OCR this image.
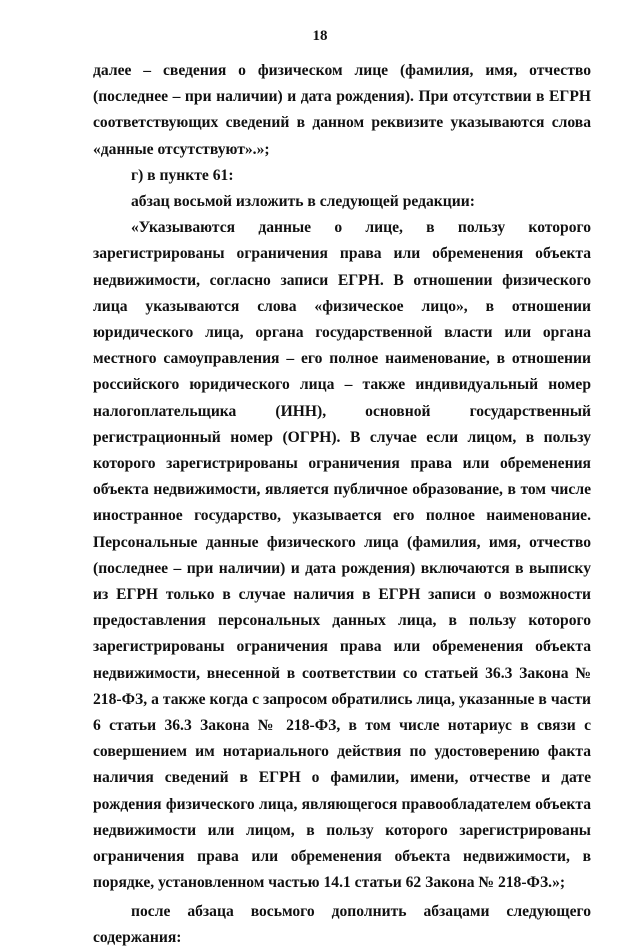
18

далее – сведения о физическом лице (фамилия, имя, отчество (последнее – при наличии) и дата рождения). При отсутствии в ЕГРН соответствующих сведений в данном реквизите указываются слова «данные отсутствуют».»;

г) в пункте 61:

абзац восьмой изложить в следующей редакции:

«Указываются данные о лице, в пользу которого зарегистрированы ограничения права или обременения объекта недвижимости, согласно записи ЕГРН. В отношении физического лица указываются слова «физическое лицо», в отношении юридического лица, органа государственной власти или органа местного самоуправления – его полное наименование, в отношении российского юридического лица – также индивидуальный номер налогоплательщика (ИНН), основной государственный регистрационный номер (ОГРН). В случае если лицом, в пользу которого зарегистрированы ограничения права или обременения объекта недвижимости, является публичное образование, в том числе иностранное государство, указывается его полное наименование. Персональные данные физического лица (фамилия, имя, отчество (последнее – при наличии) и дата рождения) включаются в выписку из ЕГРН только в случае наличия в ЕГРН записи о возможности предоставления персональных данных лица, в пользу которого зарегистрированы ограничения права или обременения объекта недвижимости, внесенной в соответствии со статьей 36.3 Закона № 218-ФЗ, а также когда с запросом обратились лица, указанные в части 6 статьи 36.3 Закона № 218-ФЗ, в том числе нотариус в связи с совершением им нотариального действия по удостоверению факта наличия сведений в ЕГРН о фамилии, имени, отчестве и дате рождения физического лица, являющегося правообладателем объекта недвижимости или лицом, в пользу которого зарегистрированы ограничения права или обременения объекта недвижимости, в порядке, установленном частью 14.1 статьи 62 Закона № 218-ФЗ.»;

после абзаца восьмого дополнить абзацами следующего содержания:
